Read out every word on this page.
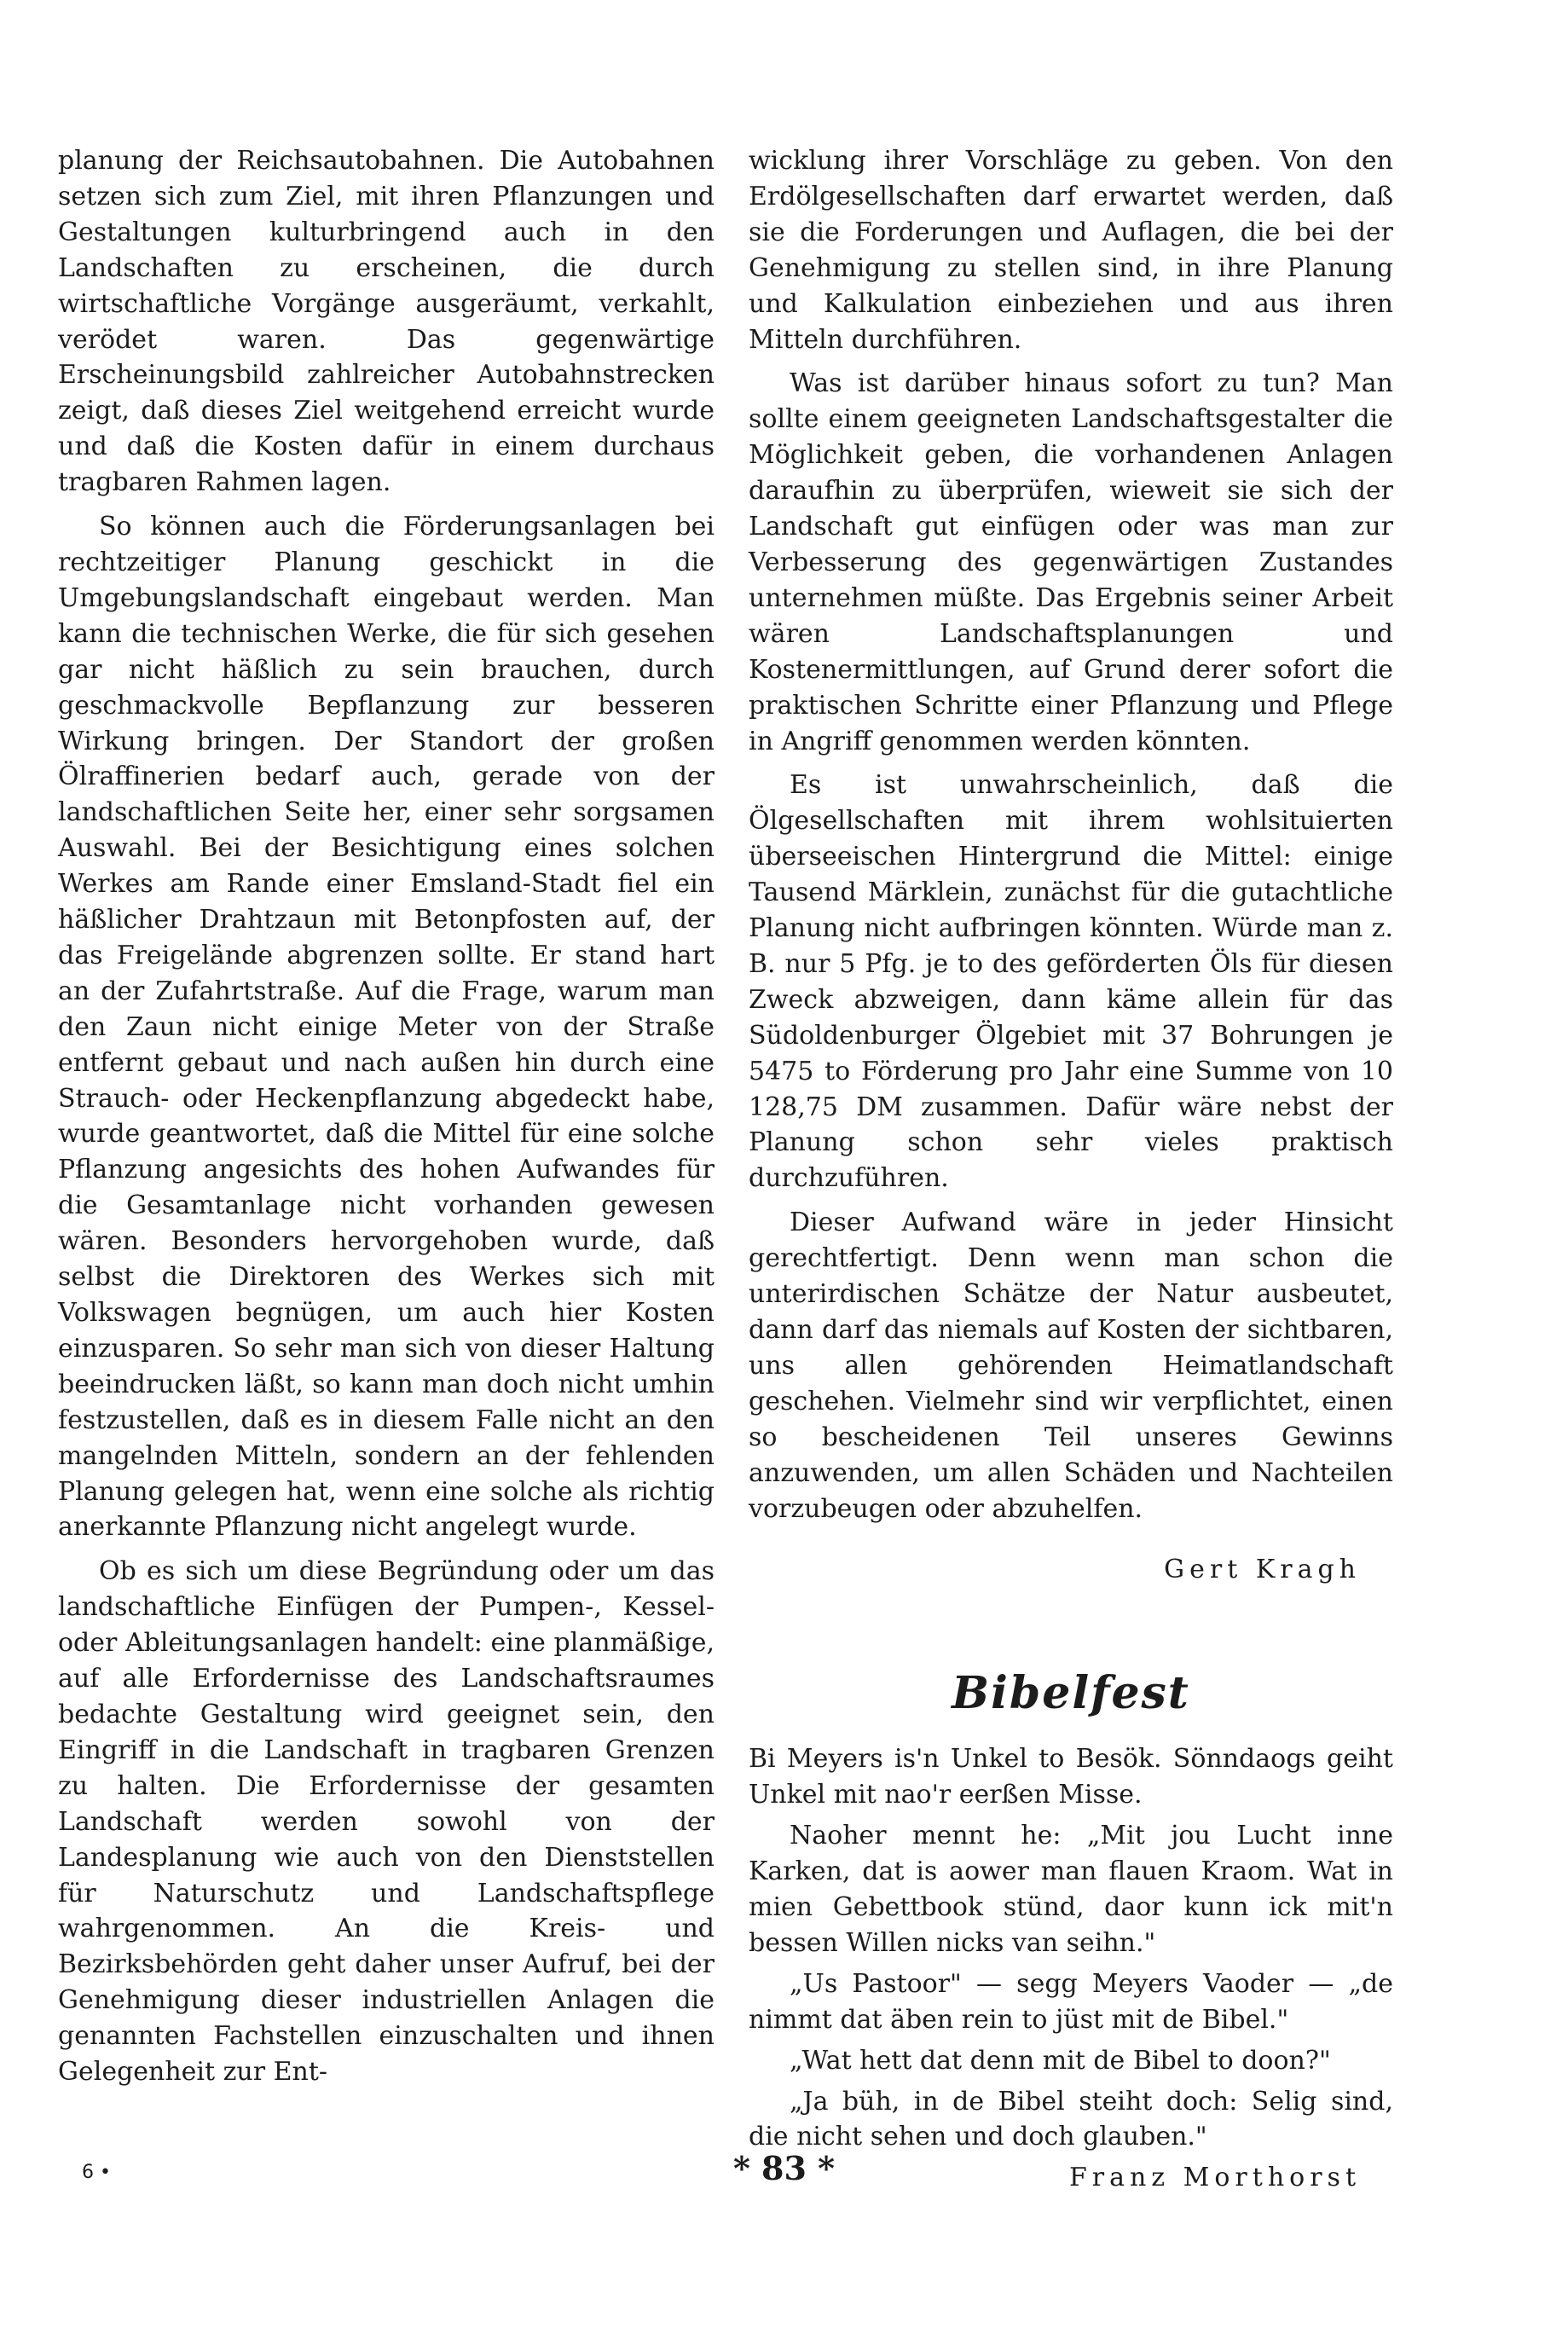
planung der Reichsautobahnen. Die Autobahnen setzen sich zum Ziel, mit ihren Pflanzungen und Gestaltungen kulturbringend auch in den Landschaften zu erscheinen, die durch wirtschaftliche Vorgänge ausgeräumt, verkahlt, verödet waren. Das gegenwärtige Erscheinungsbild zahlreicher Autobahnstrecken zeigt, daß dieses Ziel weitgehend erreicht wurde und daß die Kosten dafür in einem durchaus tragbaren Rahmen lagen.

So können auch die Förderungsanlagen bei rechtzeitiger Planung geschickt in die Umgebungslandschaft eingebaut werden. Man kann die technischen Werke, die für sich gesehen gar nicht häßlich zu sein brauchen, durch geschmackvolle Bepflanzung zur besseren Wirkung bringen. Der Standort der großen Ölraffinerien bedarf auch, gerade von der landschaftlichen Seite her, einer sehr sorgsamen Auswahl. Bei der Besichtigung eines solchen Werkes am Rande einer Emsland-Stadt fiel ein häßlicher Drahtzaun mit Betonpfosten auf, der das Freigelände abgrenzen sollte. Er stand hart an der Zufahrtstraße. Auf die Frage, warum man den Zaun nicht einige Meter von der Straße entfernt gebaut und nach außen hin durch eine Strauch- oder Heckenpflanzung abgedeckt habe, wurde geantwortet, daß die Mittel für eine solche Pflanzung angesichts des hohen Aufwandes für die Gesamtanlage nicht vorhanden gewesen wären. Besonders hervorgehoben wurde, daß selbst die Direktoren des Werkes sich mit Volkswagen begnügen, um auch hier Kosten einzusparen. So sehr man sich von dieser Haltung beeindrucken läßt, so kann man doch nicht umhin festzustellen, daß es in diesem Falle nicht an den mangelnden Mitteln, sondern an der fehlenden Planung gelegen hat, wenn eine solche als richtig anerkannte Pflanzung nicht angelegt wurde.

Ob es sich um diese Begründung oder um das landschaftliche Einfügen der Pumpen-, Kessel- oder Ableitungsanlagen handelt: eine planmäßige, auf alle Erfordernisse des Landschaftsraumes bedachte Gestaltung wird geeignet sein, den Eingriff in die Landschaft in tragbaren Grenzen zu halten. Die Erfordernisse der gesamten Landschaft werden sowohl von der Landesplanung wie auch von den Dienststellen für Naturschutz und Landschaftspflege wahrgenommen. An die Kreis- und Bezirksbehörden geht daher unser Aufruf, bei der Genehmigung dieser industriellen Anlagen die genannten Fachstellen einzuschalten und ihnen Gelegenheit zur Ent-

wicklung ihrer Vorschläge zu geben. Von den Erdölgesellschaften darf erwartet werden, daß sie die Forderungen und Auflagen, die bei der Genehmigung zu stellen sind, in ihre Planung und Kalkulation einbeziehen und aus ihren Mitteln durchführen.

Was ist darüber hinaus sofort zu tun? Man sollte einem geeigneten Landschaftsgestalter die Möglichkeit geben, die vorhandenen Anlagen daraufhin zu überprüfen, wieweit sie sich der Landschaft gut einfügen oder was man zur Verbesserung des gegenwärtigen Zustandes unternehmen müßte. Das Ergebnis seiner Arbeit wären Landschaftsplanungen und Kostenermittlungen, auf Grund derer sofort die praktischen Schritte einer Pflanzung und Pflege in Angriff genommen werden könnten.

Es ist unwahrscheinlich, daß die Ölgesellschaften mit ihrem wohlsituierten überseeischen Hintergrund die Mittel: einige Tausend Märklein, zunächst für die gutachtliche Planung nicht aufbringen könnten. Würde man z. B. nur 5 Pfg. je to des geförderten Öls für diesen Zweck abzweigen, dann käme allein für das Südoldenburger Ölgebiet mit 37 Bohrungen je 5475 to Förderung pro Jahr eine Summe von 10 128,75 DM zusammen. Dafür wäre nebst der Planung schon sehr vieles praktisch durchzuführen.

Dieser Aufwand wäre in jeder Hinsicht gerechtfertigt. Denn wenn man schon die unterirdischen Schätze der Natur ausbeutet, dann darf das niemals auf Kosten der sichtbaren, uns allen gehörenden Heimatlandschaft geschehen. Vielmehr sind wir verpflichtet, einen so bescheidenen Teil unseres Gewinns anzuwenden, um allen Schäden und Nachteilen vorzubeugen oder abzuhelfen.

Gert Kragh
Bibelfest

Bi Meyers is'n Unkel to Besök. Sönndaogs geiht Unkel mit nao'r eerßen Misse.

Naoher mennt he: „Mit jou Lucht inne Karken, dat is aower man flauen Kraom. Wat in mien Gebettbook stünd, daor kunn ick mit'n bessen Willen nicks van seihn."

„Us Pastoor" — segg Meyers Vaoder — „de nimmt dat äben rein to jüst mit de Bibel."

„Wat hett dat denn mit de Bibel to doon?"

„Ja büh, in de Bibel steiht doch: Selig sind, die nicht sehen und doch glauben."

Franz Morthorst
6 •	* 83 *
